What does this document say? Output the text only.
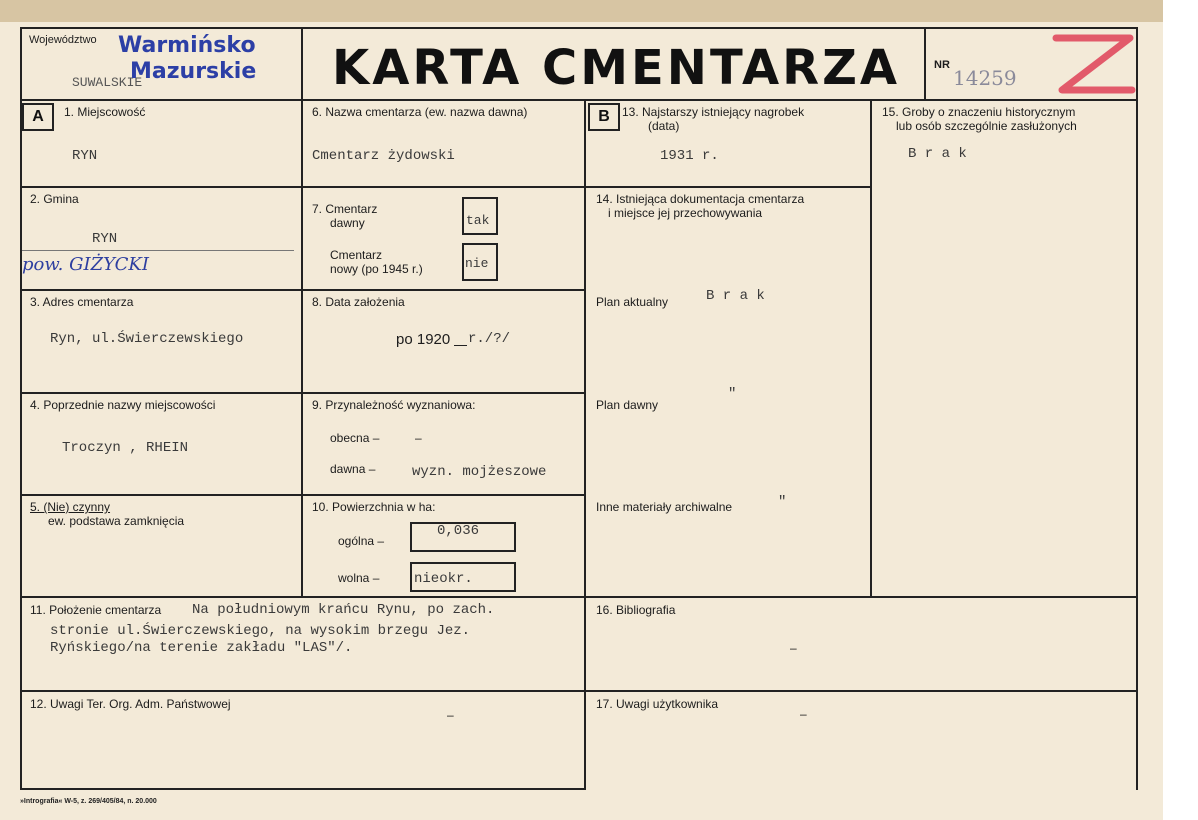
Województwo
SUWALSKIE
Warmińsko
Mazurskie KARTA CMENTARZA	NR
14259
A	B
1. Miejscowość
RYN
2. Gmina
RYN
pow. GIŻYCKI
3. Adres cmentarza
Ryn, ul.Świerczewskiego
4. Poprzednie nazwy miejscowości
Troczyn , RHEIN
5. (Nie) czynny
ew. podstawa zamknięcia
6. Nazwa cmentarza (ew. nazwa dawna)
Cmentarz żydowski
7. Cmentarz
dawny	tak
Cmentarz
nowy (po 1945 r.)	nie
8. Data założenia
po 1920 r./?/
9. Przynależność wyznaniowa:
obecna –	–
dawna –	wyzn. mojżeszowe
10. Powierzchnia w ha:
ogólna –
0,036
wolna – nieokr.
11. Położenie cmentarza Na południowym krańcu Rynu, po zach.
stronie ul.Świerczewskiego, na wysokim brzegu Jez.
Ryńskiego/na terenie zakładu "LAS"/.
12. Uwagi Ter. Org. Adm. Państwowej
–
13. Najstarszy istniejący nagrobek
(data)
1931 r.
14. Istniejąca dokumentacja cmentarza
i miejsce jej przechowywania
Plan aktualny	B r a k
Plan dawny
"
Inne materiały archiwalne	"
15. Groby o znaczeniu historycznym
lub osób szczególnie zasłużonych
B r a k
16. Bibliografia
–
17. Uwagi użytkownika
–
»Intrografia« W-5, z. 269/405/84, n. 20.000
